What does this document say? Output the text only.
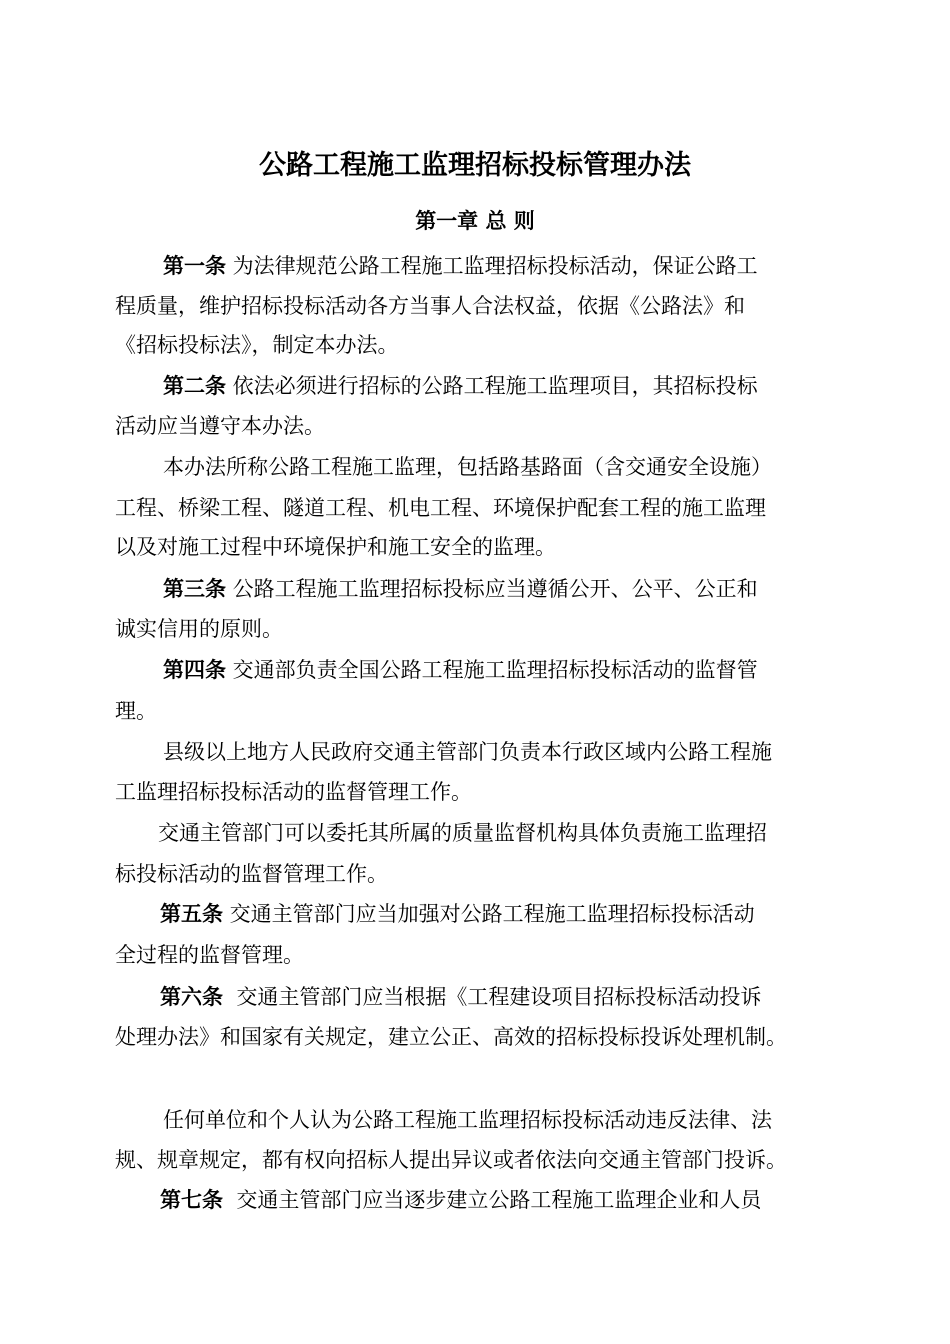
公路工程施工监理招标投标管理办法
第一章 总 则
第一条 为法律规范公路工程施工监理招标投标活动，保证公路工
程质量，维护招标投标活动各方当事人合法权益，依据《公路法》和
《招标投标法》，制定本办法。
第二条 依法必须进行招标的公路工程施工监理项目，其招标投标
活动应当遵守本办法。
本办法所称公路工程施工监理，包括路基路面（含交通安全设施）
工程、桥梁工程、隧道工程、机电工程、环境保护配套工程的施工监理
以及对施工过程中环境保护和施工安全的监理。
第三条 公路工程施工监理招标投标应当遵循公开、公平、公正和
诚实信用的原则。
第四条 交通部负责全国公路工程施工监理招标投标活动的监督管
理。
县级以上地方人民政府交通主管部门负责本行政区域内公路工程施
工监理招标投标活动的监督管理工作。
交通主管部门可以委托其所属的质量监督机构具体负责施工监理招
标投标活动的监督管理工作。
第五条 交通主管部门应当加强对公路工程施工监理招标投标活动
全过程的监督管理。
第六条  交通主管部门应当根据《工程建设项目招标投标活动投诉
处理办法》和国家有关规定，建立公正、高效的招标投标投诉处理机制。
任何单位和个人认为公路工程施工监理招标投标活动违反法律、法
规、规章规定，都有权向招标人提出异议或者依法向交通主管部门投诉。
第七条  交通主管部门应当逐步建立公路工程施工监理企业和人员
